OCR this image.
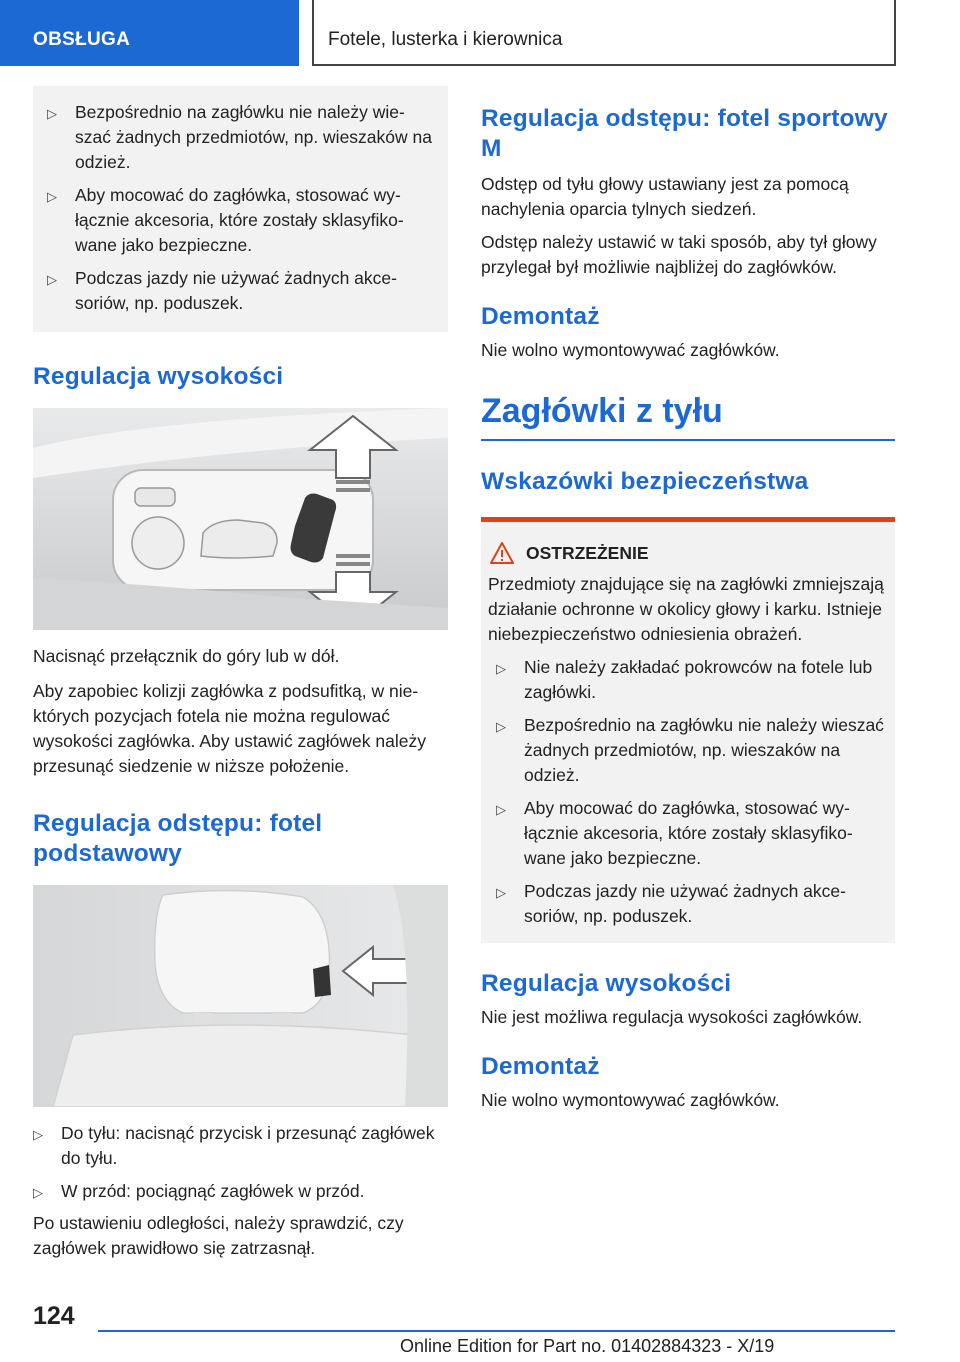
OBSŁUGA	Fotele, lusterka i kierownica
▷	Bezpośrednio na zagłówku nie należy wieszać żadnych przedmiotów, np. wieszaków na odzież.
▷	Aby mocować do zagłówka, stosować wyłącznie akcesoria, które zostały sklasyfikowane jako bezpieczne.
▷	Podczas jazdy nie używać żadnych akcesoriów, np. poduszek.
Regulacja wysokości

Nacisnąć przełącznik do góry lub w dół.

Aby zapobiec kolizji zagłówka z podsufitką, w niektórych pozycjach fotela nie można regulować wysokości zagłówka. Aby ustawić zagłówek należy przesunąć siedzenie w niższe położenie.

Regulacja odstępu: fotel podstawowy
▷	Do tyłu: nacisnąć przycisk i przesunąć zagłówek do tyłu.
▷	W przód: pociągnąć zagłówek w przód.

Po ustawieniu odległości, należy sprawdzić, czy zagłówek prawidłowo się zatrzasnął.

Regulacja odstępu: fotel sportowy M

Odstęp od tyłu głowy ustawiany jest za pomocą nachylenia oparcia tylnych siedzeń.

Odstęp należy ustawić w taki sposób, aby tył głowy przylegał był możliwie najbliżej do zagłówków.

Demontaż

Nie wolno wymontowywać zagłówków.

Zagłówki z tyłu
Wskazówki bezpieczeństwa
OSTRZEŻENIE

Przedmioty znajdujące się na zagłówki zmniejszają działanie ochronne w okolicy głowy i karku. Istnieje niebezpieczeństwo odniesienia obrażeń.

▷	Nie należy zakładać pokrowców na fotele lub zagłówki.
▷	Bezpośrednio na zagłówku nie należy wieszać żadnych przedmiotów, np. wieszaków na odzież.
▷	Aby mocować do zagłówka, stosować wyłącznie akcesoria, które zostały sklasyfikowane jako bezpieczne.
▷	Podczas jazdy nie używać żadnych akcesoriów, np. poduszek.
Regulacja wysokości

Nie jest możliwa regulacja wysokości zagłówków.

Demontaż

Nie wolno wymontowywać zagłówków.

124
Online Edition for Part no. 01402884323 - X/19
